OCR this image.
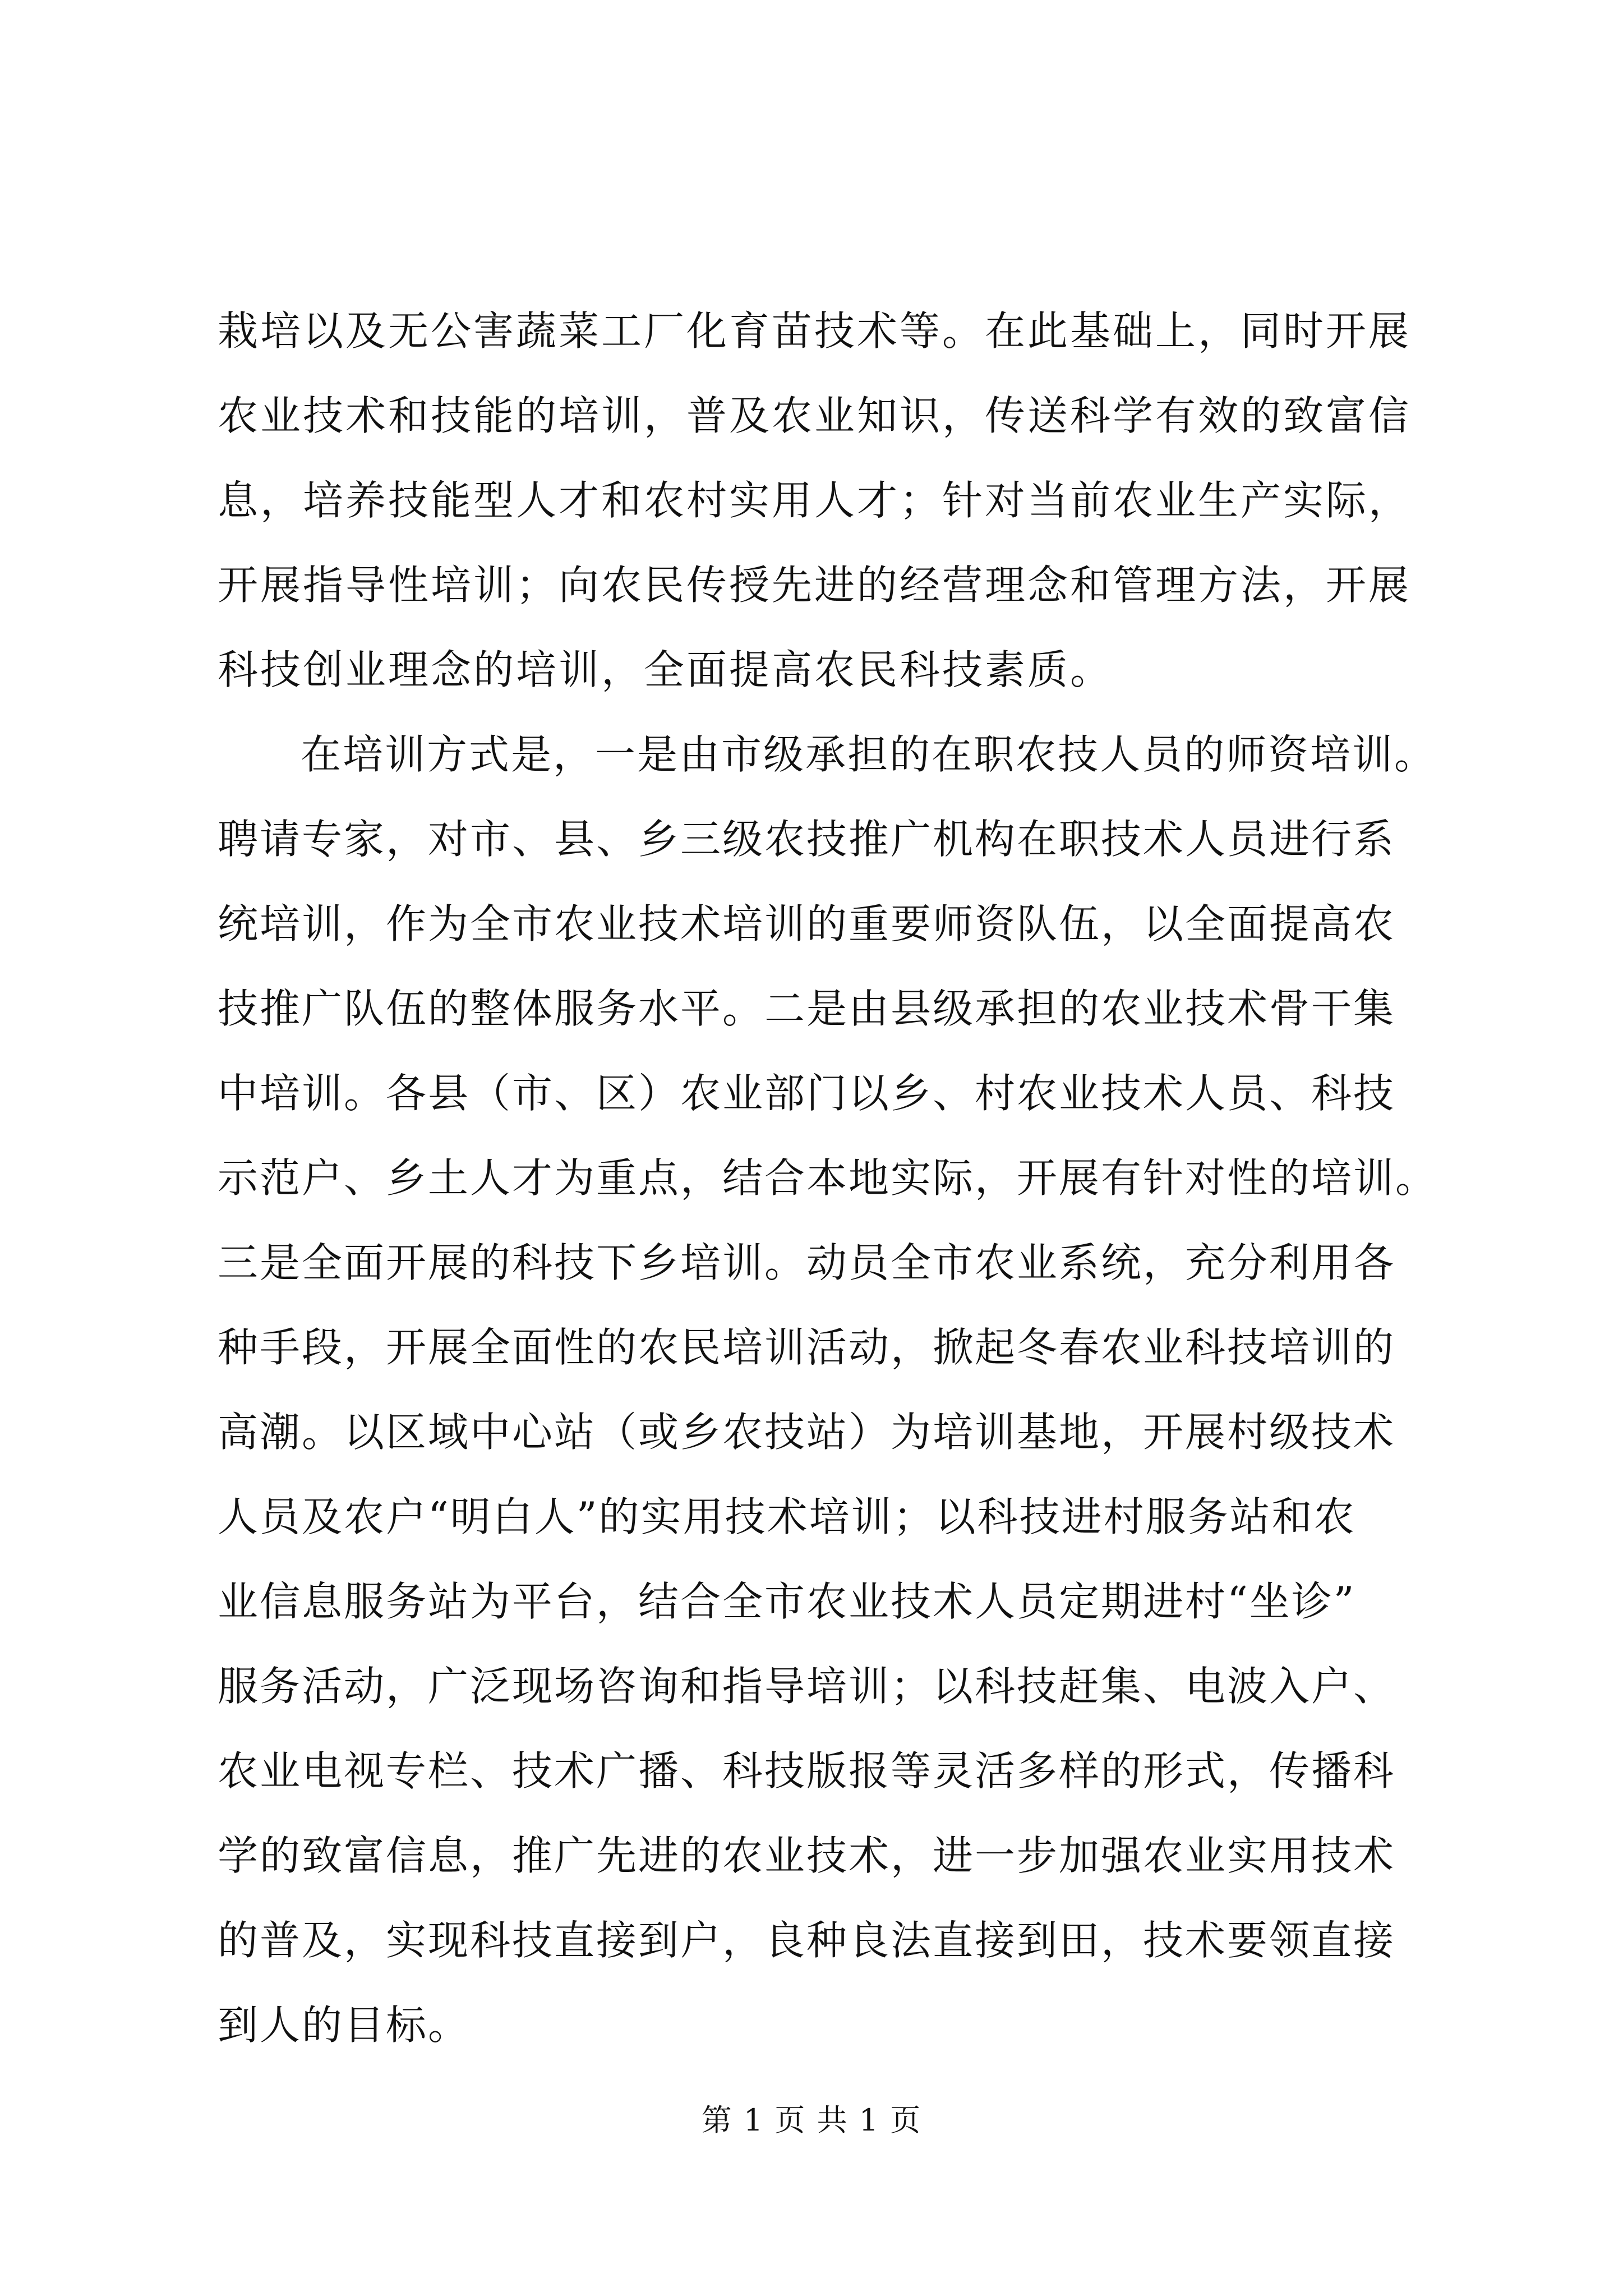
栽培以及无公害蔬菜工厂化育苗技术等。在此基础上，同时开展
农业技术和技能的培训，普及农业知识，传送科学有效的致富信
息，培养技能型人才和农村实用人才；针对当前农业生产实际，
开展指导性培训；向农民传授先进的经营理念和管理方法，开展
科技创业理念的培训，全面提高农民科技素质。
在培训方式是，一是由市级承担的在职农技人员的师资培训。
聘请专家，对市、县、乡三级农技推广机构在职技术人员进行系
统培训，作为全市农业技术培训的重要师资队伍，以全面提高农
技推广队伍的整体服务水平。二是由县级承担的农业技术骨干集
中培训。各县（市、区）农业部门以乡、村农业技术人员、科技
示范户、乡土人才为重点，结合本地实际，开展有针对性的培训。
三是全面开展的科技下乡培训。动员全市农业系统，充分利用各
种手段，开展全面性的农民培训活动，掀起冬春农业科技培训的
高潮。以区域中心站（或乡农技站）为培训基地，开展村级技术
人员及农户“明白人”的实用技术培训；以科技进村服务站和农
业信息服务站为平台，结合全市农业技术人员定期进村“坐诊”
服务活动，广泛现场咨询和指导培训；以科技赶集、电波入户、
农业电视专栏、技术广播、科技版报等灵活多样的形式，传播科
学的致富信息，推广先进的农业技术，进一步加强农业实用技术
的普及，实现科技直接到户，良种良法直接到田，技术要领直接
到人的目标。
第 1 页 共 1 页
